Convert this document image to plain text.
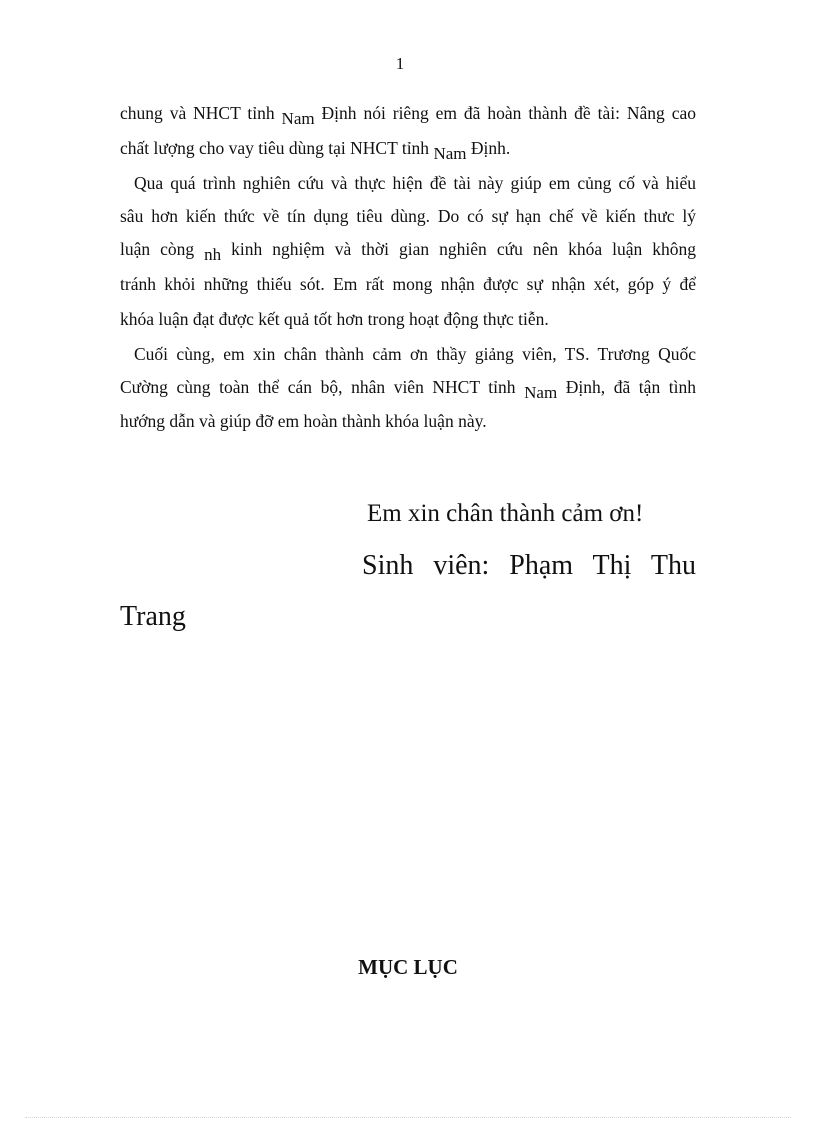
1
chung và NHCT tỉnh Nam Định nói riêng em đã hoàn thành đề tài: Nâng cao
chất lượng cho vay tiêu dùng tại NHCT tỉnh Nam Định.
Qua quá trình nghiên cứu và thực hiện đề tài này giúp em củng cố và hiểu
sâu hơn kiến thức về tín dụng tiêu dùng. Do có sự hạn chế về kiến thưc lý
luận còng nh kinh nghiệm và thời gian nghiên cứu nên khóa luận không
tránh khỏi những thiếu sót. Em rất mong nhận được sự nhận xét, góp ý để
khóa luận đạt được kết quả tốt hơn trong hoạt động thực tiễn.
Cuối cùng, em xin chân thành cảm ơn thầy giảng viên, TS. Trương Quốc
Cường cùng toàn thể cán bộ, nhân viên NHCT tỉnh Nam Định, đã tận tình
hướng dẫn và giúp đỡ em hoàn thành khóa luận này.
Em xin chân thành cảm ơn!
Sinh viên: Phạm Thị Thu
Trang
MỤC LỤC
